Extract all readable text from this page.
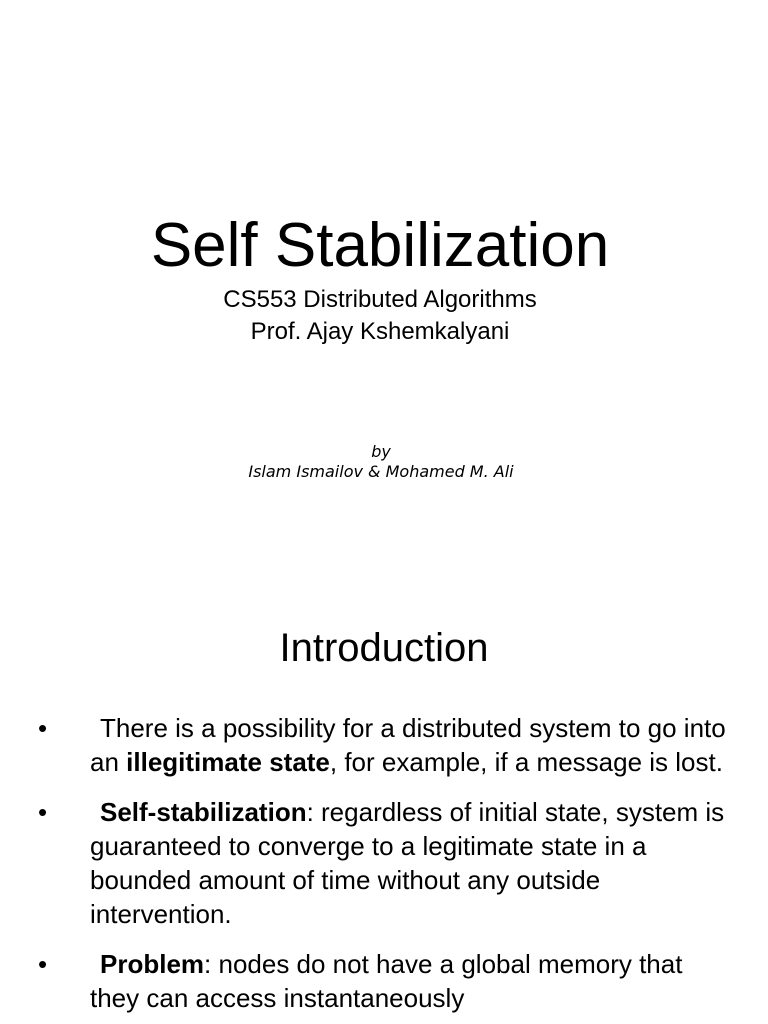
Self Stabilization
CS553 Distributed Algorithms
Prof. Ajay Kshemkalyani
by
Islam Ismailov & Mohamed M. Ali
Introduction
• There is a possibility for a distributed system to go into an illegitimate state, for example, if a message is lost.
• Self-stabilization: regardless of initial state, system is guaranteed to converge to a legitimate state in a bounded amount of time without any outside intervention.
• Problem: nodes do not have a global memory that they can access instantaneously
